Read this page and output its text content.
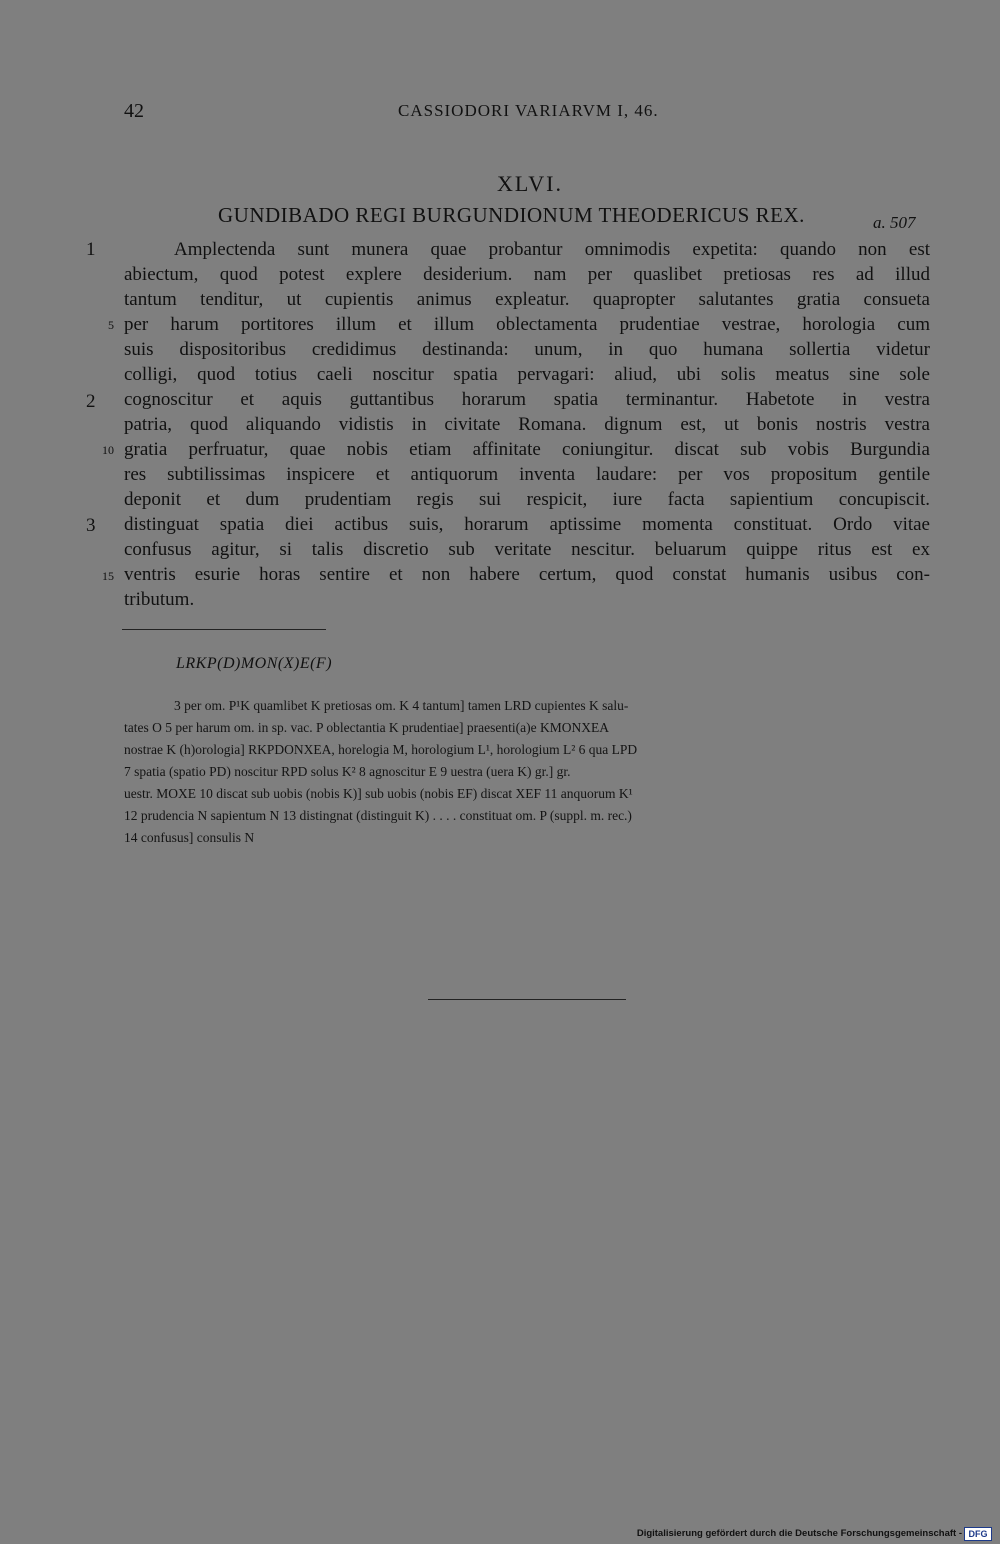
42	CASSIODORI VARIARVM I, 46.
XLVI.
GUNDIBADO REGI BURGUNDIONUM THEODERICUS REX.	a. 507
1
5
2
10
3
15
Amplectenda sunt munera quae probantur omnimodis expetita: quando non est
abiectum, quod potest explere desiderium. nam per quaslibet pretiosas res ad illud
tantum tenditur, ut cupientis animus expleatur. quapropter salutantes gratia consueta
per harum portitores illum et illum oblectamenta prudentiae vestrae, horologia cum
suis dispositoribus credidimus destinanda: unum, in quo humana sollertia videtur
colligi, quod totius caeli noscitur spatia pervagari: aliud, ubi solis meatus sine sole
cognoscitur et aquis guttantibus horarum spatia terminantur. Habetote in vestra
patria, quod aliquando vidistis in civitate Romana. dignum est, ut bonis nostris vestra
gratia perfruatur, quae nobis etiam affinitate coniungitur. discat sub vobis Burgundia
res subtilissimas inspicere et antiquorum inventa laudare: per vos propositum gentile
deponit et dum prudentiam regis sui respicit, iure facta sapientium concupiscit.
distinguat spatia diei actibus suis, horarum aptissime momenta constituat. Ordo vitae
confusus agitur, si talis discretio sub veritate nescitur. beluarum quippe ritus est ex
ventris esurie horas sentire et non habere certum, quod constat humanis usibus con-
tributum.
LRKP(D)MON(X)E(F)
3 per om. P¹K quamlibet K pretiosas om. K 4 tantum] tamen LRD cupientes K salu-
tates O 5 per harum om. in sp. vac. P oblectantia K prudentiae] praesenti(a)e KMONXEA
nostrae K (h)orologia] RKPDONXEA, horelogia M, horologium L¹, horologium L² 6 qua LPD
7 spatia (spatio PD) noscitur RPD solus K² 8 agnoscitur E 9 uestra (uera K) gr.] gr.
uestr. MOXE 10 discat sub uobis (nobis K)] sub uobis (nobis EF) discat XEF 11 anquorum K¹
12 prudencia N sapientum N 13 distingnat (distinguit K) . . . . constituat om. P (suppl. m. rec.)
14 confusus] consulis N
Digitalisierung gefördert durch die Deutsche Forschungsgemeinschaft - DFG
